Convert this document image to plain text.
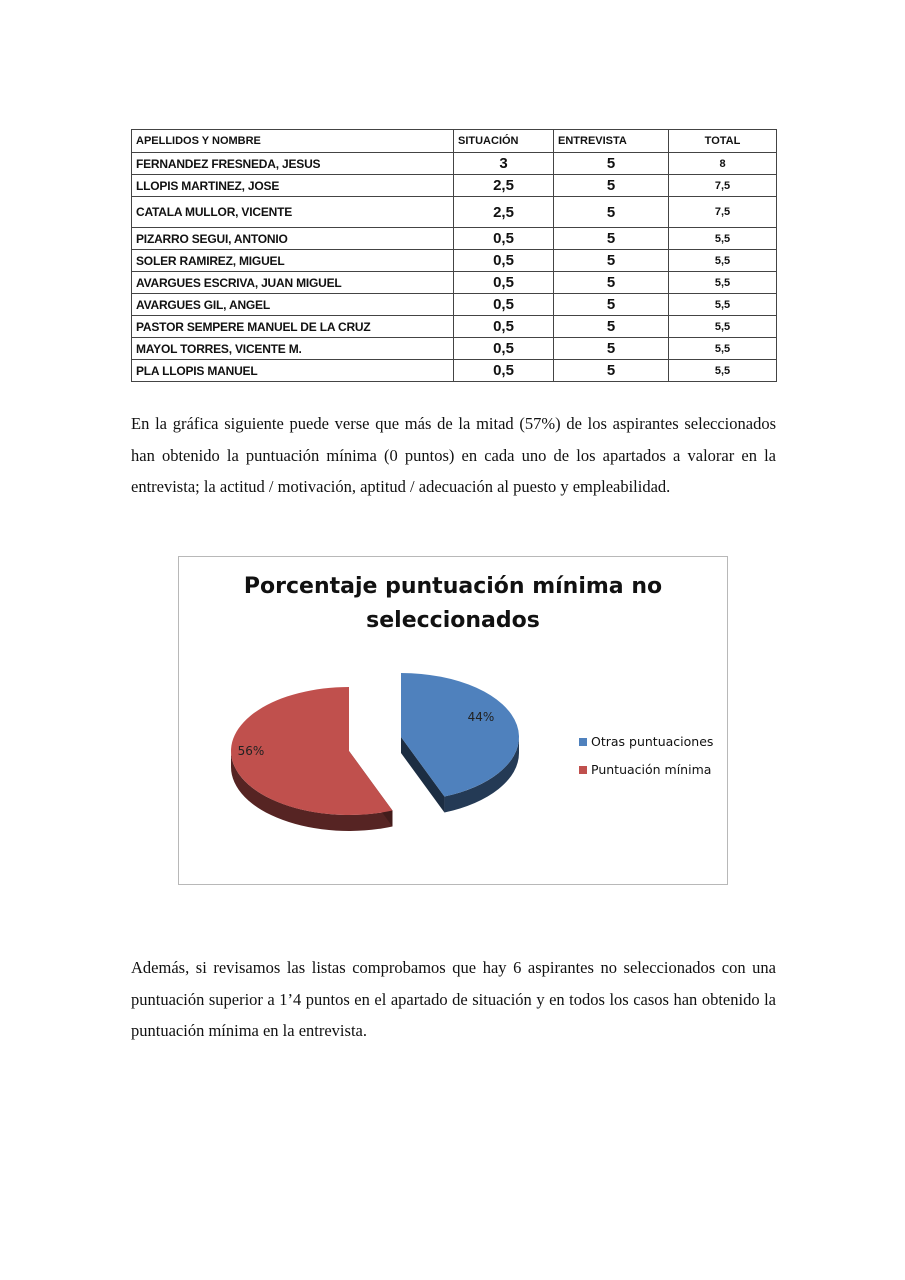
APELLIDOS Y NOMBRE	SITUACIÓN	ENTREVISTA	TOTAL
FERNANDEZ FRESNEDA, JESUS	3	5	8
LLOPIS MARTINEZ, JOSE	2,5	5	7,5
CATALA MULLOR, VICENTE	2,5	5	7,5
PIZARRO SEGUI, ANTONIO	0,5	5	5,5
SOLER RAMIREZ, MIGUEL	0,5	5	5,5
AVARGUES ESCRIVA, JUAN MIGUEL	0,5	5	5,5
AVARGUES GIL, ANGEL	0,5	5	5,5
PASTOR SEMPERE MANUEL DE LA CRUZ	0,5	5	5,5
MAYOL TORRES, VICENTE M.	0,5	5	5,5
PLA LLOPIS MANUEL	0,5	5	5,5

En la gráfica siguiente puede verse que más de la mitad (57%) de los aspirantes seleccionados han obtenido la puntuación mínima (0 puntos) en cada uno de los apartados a valorar en la entrevista; la actitud / motivación, aptitud / adecuación al puesto y empleabilidad.

Porcentaje puntuación mínima no
seleccionados
44%
56%
Otras puntuaciones
Puntuación mínima

Además, si revisamos las listas comprobamos que hay 6 aspirantes no seleccionados con una puntuación superior a 1’4 puntos en el apartado de situación y en todos los casos han obtenido la puntuación mínima en la entrevista.
